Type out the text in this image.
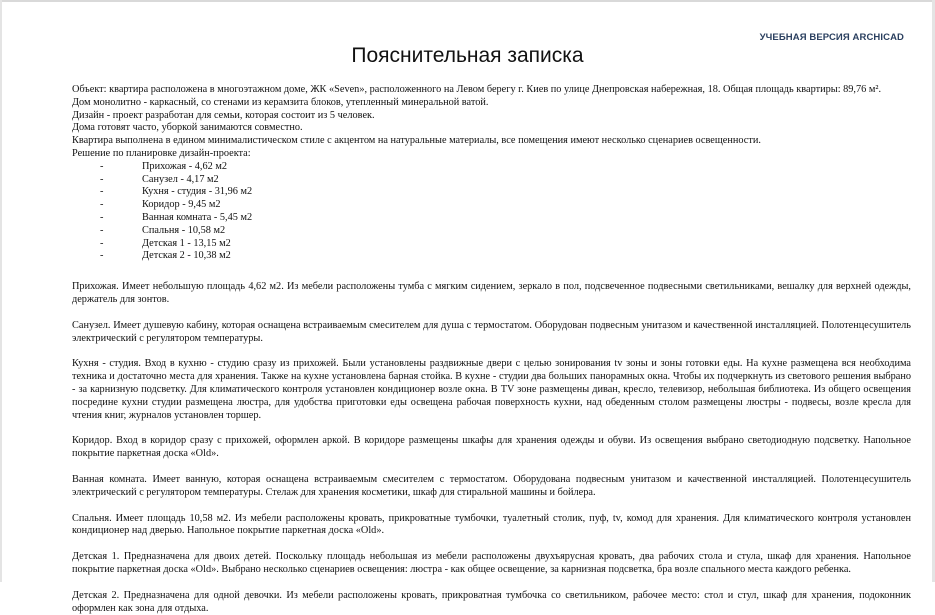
УЧЕБНАЯ ВЕРСИЯ ARCHICAD
Пояснительная записка
Объект: квартира расположена в многоэтажном доме, ЖК «Seven», расположенного на Левом берегу г. Киев по улице Днепровская набережная, 18. Общая площадь квартиры: 89,76 м².
Дом монолитно - каркасный, со стенами из керамзита блоков, утепленный минеральной ватой.
Дизайн - проект разработан для семьи, которая состоит из 5 человек.
Дома готовят часто, уборкой занимаются совместно.
Квартира выполнена в едином минималистическом стиле с акцентом на натуральные материалы, все помещения имеют несколько сценариев освещенности.
Решение по планировке дизайн-проекта:
- Прихожая - 4,62 м2
- Санузел - 4,17 м2
- Кухня - студия - 31,96 м2
- Коридор - 9,45 м2
- Ванная комната - 5,45 м2
- Спальня - 10,58 м2
- Детская 1 - 13,15 м2
- Детская 2 - 10,38 м2
Прихожая. Имеет небольшую площадь 4,62 м2. Из мебели расположены тумба с мягким сидением, зеркало в пол, подсвеченное подвесными светильниками, вешалку для верхней одежды, держатель для зонтов.
Санузел. Имеет душевую кабину, которая оснащена встраиваемым смесителем для душа с термостатом. Оборудован подвесным унитазом и качественной инсталляцией. Полотенцесушитель электрический с регулятором температуры.
Кухня - студия. Вход в кухню - студию сразу из прихожей. Были установлены раздвижные двери с целью зонирования tv зоны и зоны готовки еды. На кухне размещена вся необходима техника и достаточно места для хранения. Также на кухне установлена барная стойка. В кухне - студии два больших панорамных окна. Чтобы их подчеркнуть из светового решения выбрано - за карнизную подсветку. Для климатического контроля установлен кондиционер возле окна. В TV зоне размещены диван, кресло, телевизор, небольшая библиотека. Из общего освещения посредине кухни студии размещена люстра, для удобства приготовки еды освещена рабочая поверхность кухни, над обеденным столом размещены люстры - подвесы, возле кресла для чтения книг, журналов установлен торшер.
Коридор. Вход в коридор сразу с прихожей, оформлен аркой. В коридоре размещены шкафы для хранения одежды и обуви. Из освещения выбрано светодиодную подсветку. Напольное покрытие паркетная доска «Old».
Ванная комната. Имеет ванную, которая оснащена встраиваемым смесителем с термостатом. Оборудована подвесным унитазом и качественной инсталляцией. Полотенцесушитель электрический с регулятором температуры. Стелаж для хранения косметики, шкаф для стиральной машины и бойлера.
Спальня. Имеет площадь 10,58 м2. Из мебели расположены кровать, прикроватные тумбочки, туалетный столик, пуф, tv, комод для хранения. Для климатического контроля установлен кондиционер над дверью. Напольное покрытие паркетная доска «Old».
Детская 1. Предназначена для двоих детей. Поскольку площадь небольшая из мебели расположены двухъярусная кровать, два рабочих стола и стула, шкаф для хранения. Напольное покрытие паркетная доска «Old». Выбрано несколько сценариев освещения: люстра - как общее освещение, за карнизная подсветка, бра возле спального места каждого ребенка.
Детская 2. Предназначена для одной девочки. Из мебели расположены кровать, прикроватная тумбочка со светильником, рабочее место: стол и стул, шкаф для хранения, подоконник оформлен как зона для отдыха.
